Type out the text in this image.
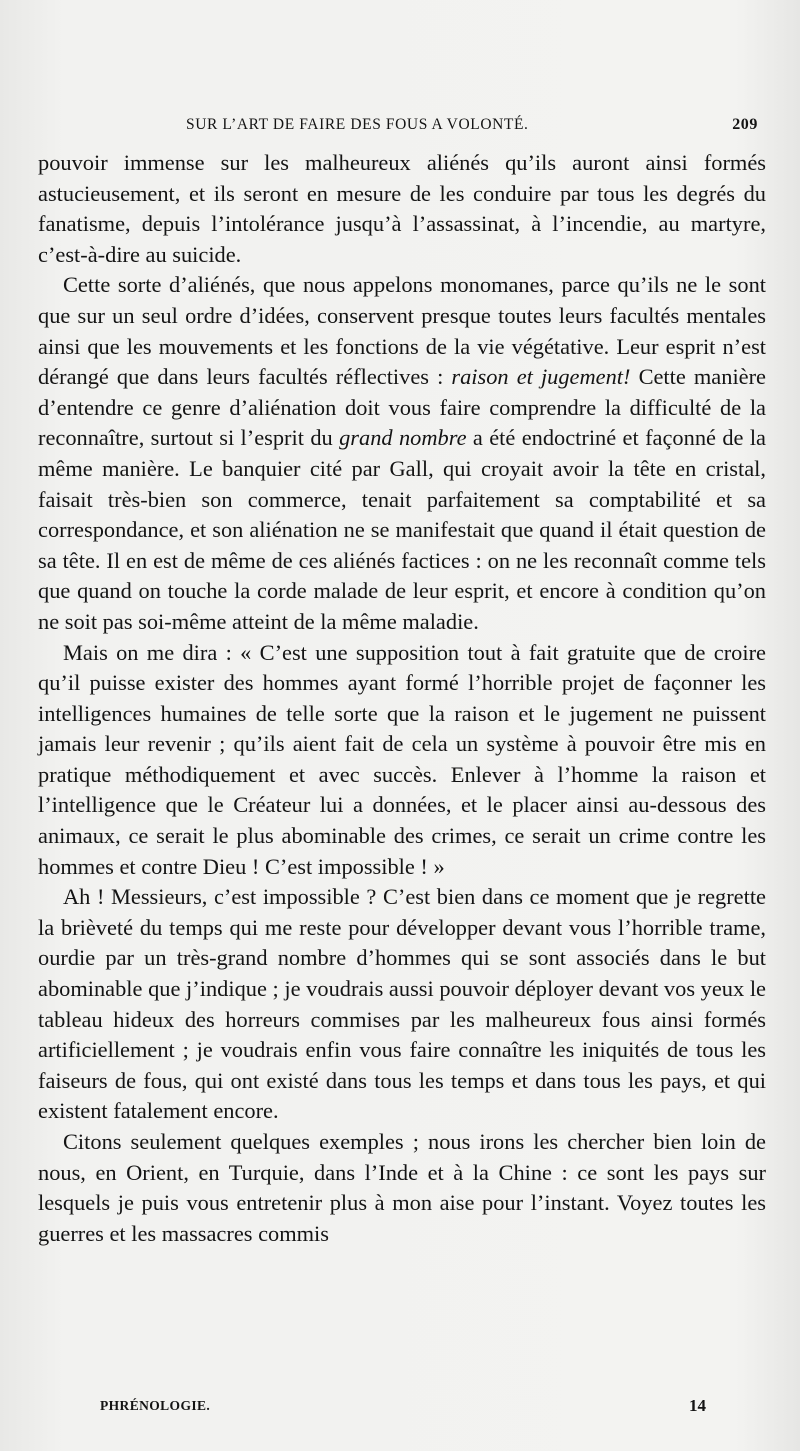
SUR L’ART DE FAIRE DES FOUS A VOLONTÉ.	209

pouvoir immense sur les malheureux aliénés qu’ils auront ainsi formés astucieusement, et ils seront en mesure de les conduire par tous les degrés du fanatisme, depuis l’intolérance jusqu’à l’assassinat, à l’incendie, au martyre, c’est-à-dire au suicide.

Cette sorte d’aliénés, que nous appelons monomanes, parce qu’ils ne le sont que sur un seul ordre d’idées, conservent presque toutes leurs facultés mentales ainsi que les mouvements et les fonctions de la vie végétative. Leur esprit n’est dérangé que dans leurs facultés réflectives : raison et jugement! Cette manière d’entendre ce genre d’aliénation doit vous faire comprendre la difficulté de la reconnaître, surtout si l’esprit du grand nombre a été endoctriné et façonné de la même manière. Le banquier cité par Gall, qui croyait avoir la tête en cristal, faisait très-bien son commerce, tenait parfaitement sa comptabilité et sa correspondance, et son aliénation ne se manifestait que quand il était question de sa tête. Il en est de même de ces aliénés factices : on ne les reconnaît comme tels que quand on touche la corde malade de leur esprit, et encore à condition qu’on ne soit pas soi-même atteint de la même maladie.

Mais on me dira : « C’est une supposition tout à fait gratuite que de croire qu’il puisse exister des hommes ayant formé l’horrible projet de façonner les intelligences humaines de telle sorte que la raison et le jugement ne puissent jamais leur revenir ; qu’ils aient fait de cela un système à pouvoir être mis en pratique méthodiquement et avec succès. Enlever à l’homme la raison et l’intelligence que le Créateur lui a données, et le placer ainsi au-dessous des animaux, ce serait le plus abominable des crimes, ce serait un crime contre les hommes et contre Dieu ! C’est impossible ! »

Ah ! Messieurs, c’est impossible ? C’est bien dans ce moment que je regrette la brièveté du temps qui me reste pour développer devant vous l’horrible trame, ourdie par un très-grand nombre d’hommes qui se sont associés dans le but abominable que j’indique ; je voudrais aussi pouvoir déployer devant vos yeux le tableau hideux des horreurs commises par les malheureux fous ainsi formés artificiellement ; je voudrais enfin vous faire connaître les iniquités de tous les faiseurs de fous, qui ont existé dans tous les temps et dans tous les pays, et qui existent fatalement encore.

Citons seulement quelques exemples ; nous irons les chercher bien loin de nous, en Orient, en Turquie, dans l’Inde et à la Chine : ce sont les pays sur lesquels je puis vous entretenir plus à mon aise pour l’instant. Voyez toutes les guerres et les massacres commis

PHRÉNOLOGIE.	14
